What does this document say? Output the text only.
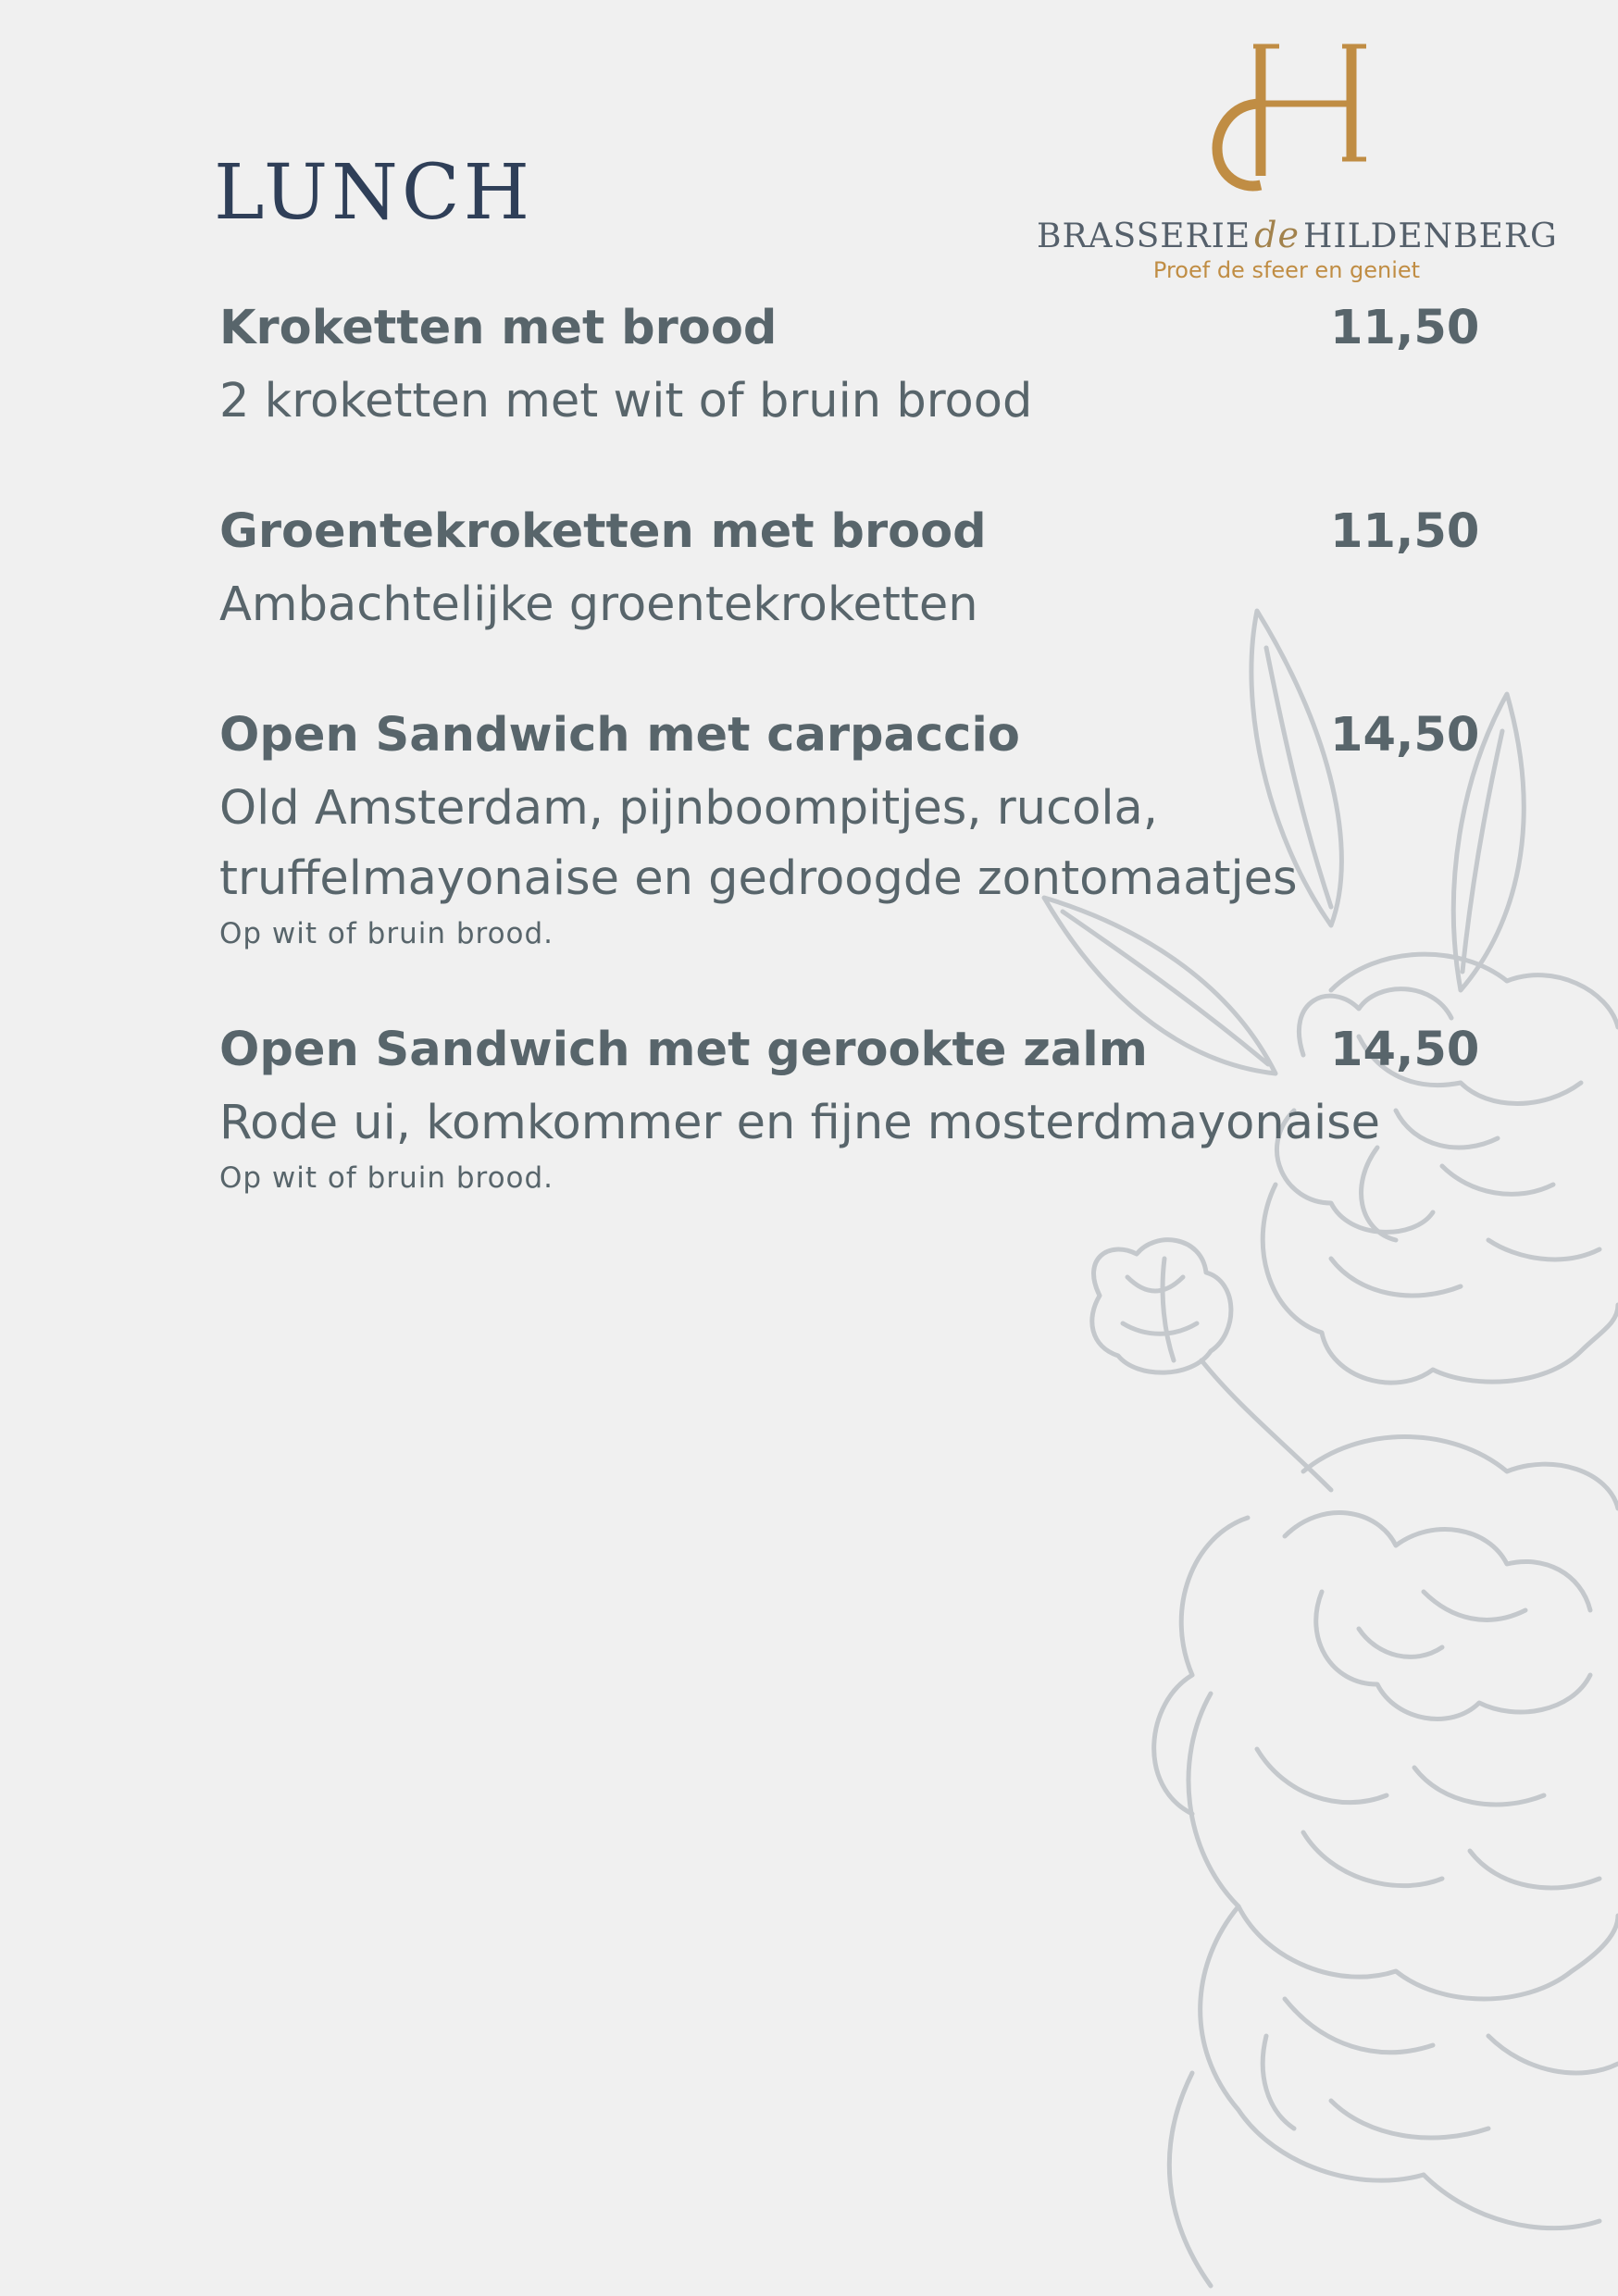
LUNCH	BRASSERIE de HILDENBERG
Proef de sfeer en geniet
Kroketten met brood	11,50
2 kroketten met wit of bruin brood
Groentekroketten met brood	11,50
Ambachtelijke groentekroketten
Open Sandwich met carpaccio	14,50
Old Amsterdam, pijnboompitjes, rucola,
truffelmayonaise en gedroogde zontomaatjes
Op wit of bruin brood.
Open Sandwich met gerookte zalm	14,50
Rode ui, komkommer en fijne mosterdmayonaise
Op wit of bruin brood.
